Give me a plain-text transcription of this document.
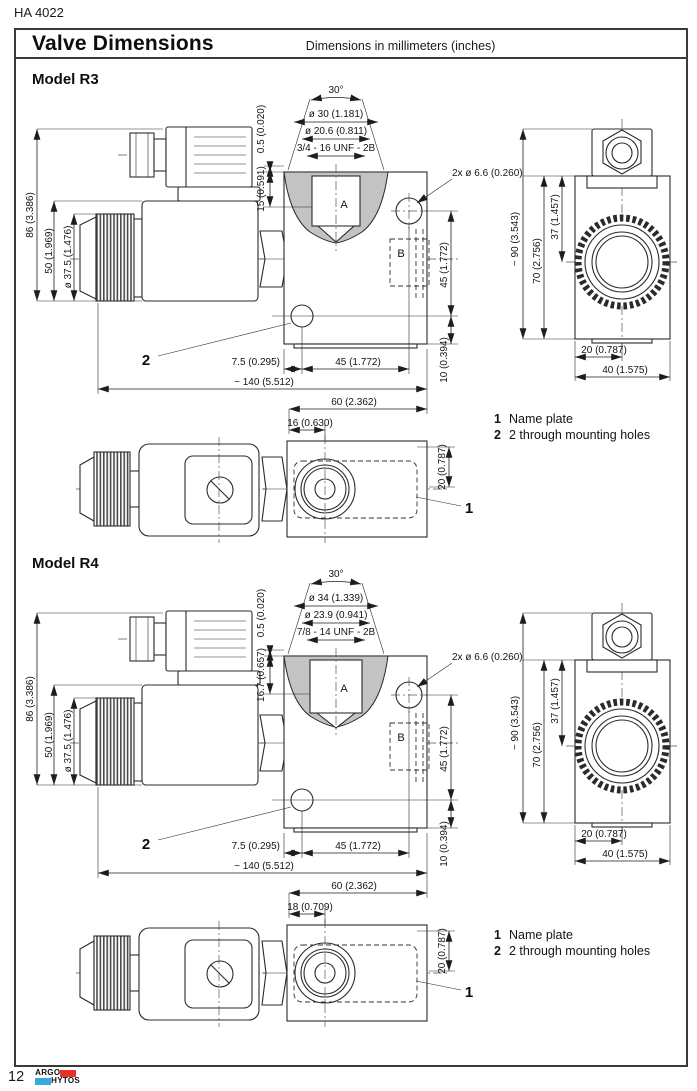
HA 4022
Valve Dimensions	Dimensions in millimeters (inches)
Model R3
30°
ø 30 (1.181)
ø 20.6 (0.811)
3/4 - 16 UNF - 2B
0.5 (0.020)
15 (0.591)	A
B
2x ø 6.6 (0.260)
86 (3.386)
50 (1.969) ø 37.5 (1.476)	45 (1.772)
10 (0.394)
7.5 (0.295)	45 (1.772)
~ 140 (5.512)
60 (2.362)
16 (0.630)
20 (0.787)
~ 90 (3.543) 70 (2.756)
37 (1.457)
20 (0.787)
40 (1.575)
2
1
1 Name plate
2 2 through mounting holes
Model R4
30°
ø 34 (1.339)
ø 23.9 (0.941)
7/8 - 14 UNF - 2B
0.5 (0.020)
16.7 (0.657)	A
B
2x ø 6.6 (0.260)
86 (3.386)
50 (1.969) ø 37.5 (1.476)	45 (1.772)
10 (0.394)
7.5 (0.295)	45 (1.772)
~ 140 (5.512)
60 (2.362)
18 (0.709)
20 (0.787)
~ 90 (3.543) 70 (2.756)
37 (1.457)
20 (0.787)
40 (1.575)
2
1
1 Name plate
2 2 through mounting holes
12 ARGO
HYTOS
